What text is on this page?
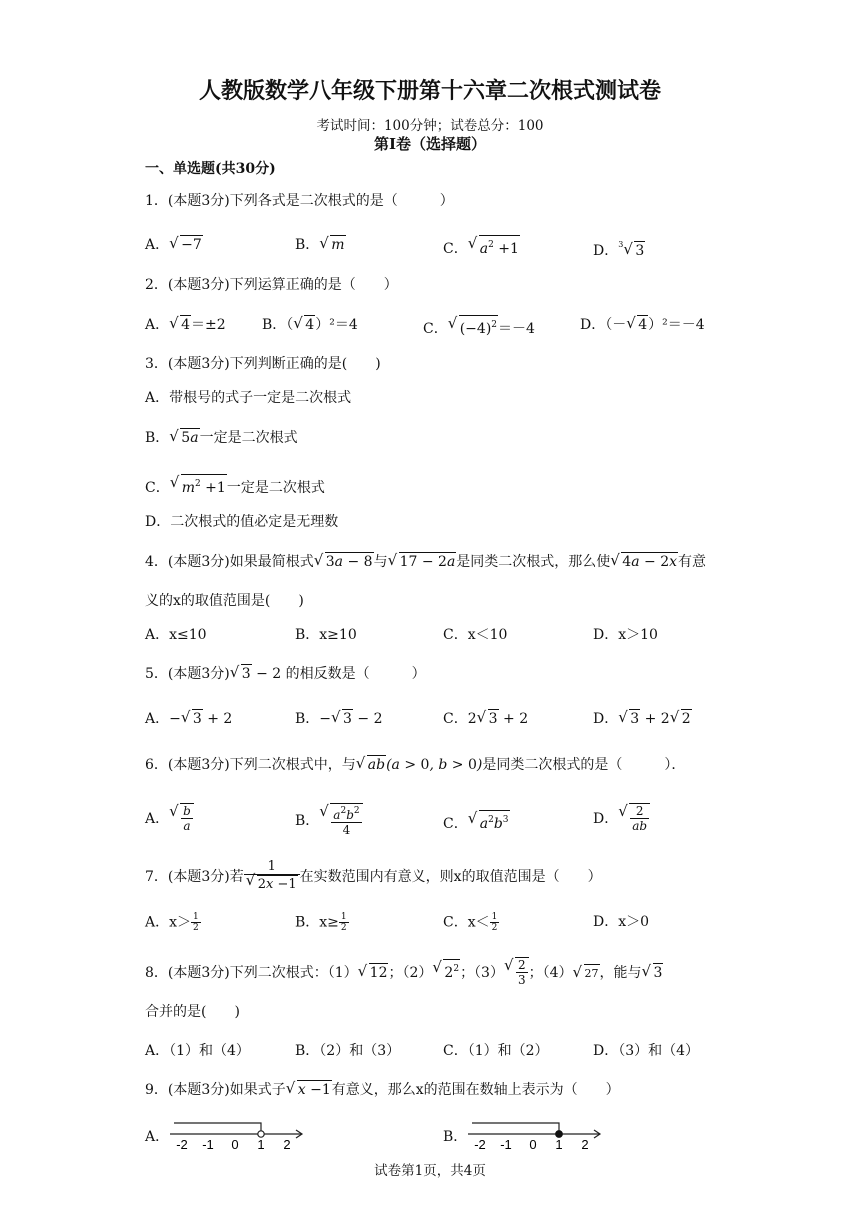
人教版数学八年级下册第十六章二次根式测试卷
考试时间：100分钟；试卷总分：100
第Ⅰ卷（选择题）
一、单选题(共30分)
1．(本题3分)下列各式是二次根式的是（　　　）
A． √ −7	B． √ m	C． √ $a^2 +1$	D．$^3$ √ 3
2．(本题3分)下列运算正确的是（　　）
A． √ 4＝±2	B．（ √ 4）²＝4	C． √ $(-4)^2=-4$	D．（－ √ 4）²＝－4
3．(本题3分)下列判断正确的是(　　)
A．带根号的式子一定是二次根式
B． √ 5a一定是二次根式
C． √ $m^2 +1$一定是二次根式
D．二次根式的值必定是无理数
4．(本题3分)如果最简根式 √ 3a − 8与 √ 17 − 2a是同类二次根式，那么使 √ 4a − 2x有意
义的x的取值范围是(　　)
A．x≤10	B．x≥10	C．x＜10	D．x＞10
5．(本题3分) √ 3 − 2 的相反数是（　　　）
A．− √ 3 + 2	B．− √ 3 − 2	C．2 √ 3 + 2	D． √ 3 + 2 √ 2
6．(本题3分)下列二次根式中，与 √ ab(a > 0, b > 0)是同类二次根式的是（　　　）．
A． √ $\frac{b}{a}$	B． √ $\frac{a^2b^2}{4}$	C． √ $a^2b^3$	D． √ $\frac{2}{ab}$
7．(本题3分)若 1
√ 2x −1 在实数范围内有意义，则x的取值范围是（　　）
A．$x> \frac{1}{2}$	B．$x\ge \frac{1}{2}$	C．$x< \frac{1}{2}$	D．x＞0
8．(本题3分)下列二次根式：（1） √ 12；（2） √ $2^2$；（3） √ $\frac{2}{3}$ ；（4） √ 27，能与 √ 3
合并的是(　　)
A．（1）和（4）	B．（2）和（3）	C．（1）和（2）	D．（3）和（4）
9．(本题3分)如果式子 √ x −1有意义，那么x的范围在数轴上表示为（　　）
A． -2 -1 0 1 2	B． -2 -1 0 1 2
试卷第1页，共4页
